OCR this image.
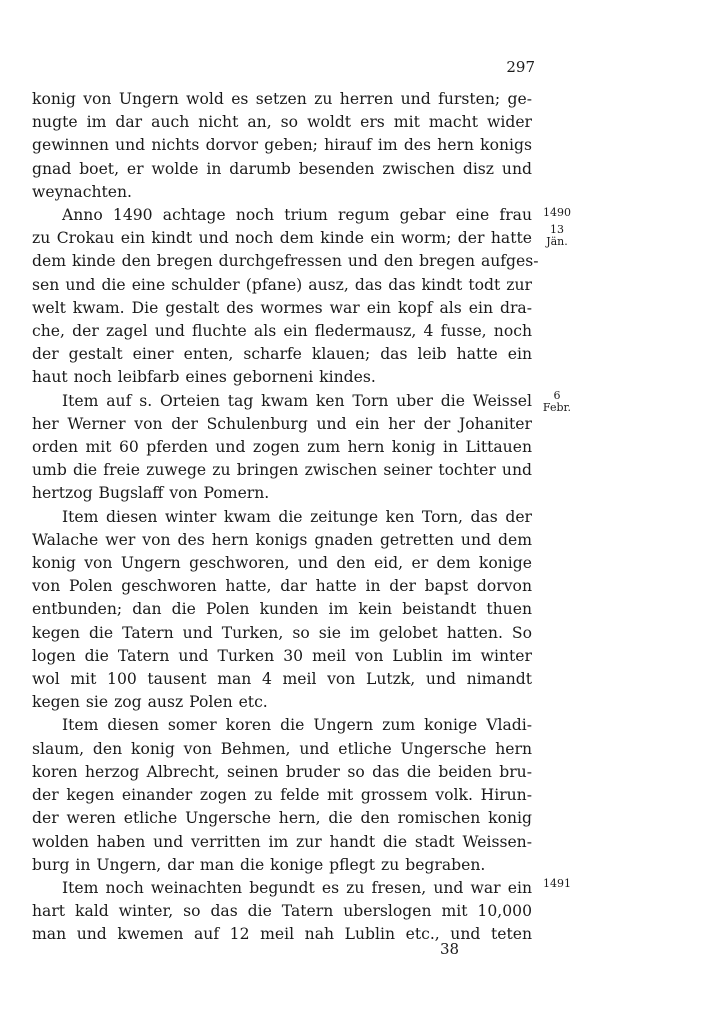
297
konig von Ungern wold es setzen zu herren und fursten; ge-
nugte im dar auch nicht an, so woldt ers mit macht wider
gewinnen und nichts dorvor geben; hirauf im des hern konigs
gnad boet, er wolde in darumb besenden zwischen disz und
weynachten.
Anno 1490 achtage noch trium regum gebar eine frau
zu Crokau ein kindt und noch dem kinde ein worm; der hatte
dem kinde den bregen durchgefressen und den bregen aufges-
sen und die eine schulder (pfane) ausz, das das kindt todt zur
welt kwam. Die gestalt des wormes war ein kopf als ein dra-
che, der zagel und fluchte als ein fledermausz, 4 fusse, noch
der gestalt einer enten, scharfe klauen; das leib hatte ein
haut noch leibfarb eines geborneni kindes.
Item auf s. Orteien tag kwam ken Torn uber die Weissel
her Werner von der Schulenburg und ein her der Johaniter
orden mit 60 pferden und zogen zum hern konig in Littauen
umb die freie zuwege zu bringen zwischen seiner tochter und
hertzog Bugslaff von Pomern.
Item diesen winter kwam die zeitunge ken Torn, das der
Walache wer von des hern konigs gnaden getretten und dem
konig von Ungern geschworen, und den eid, er dem konige
von Polen geschworen hatte, dar hatte in der bapst dorvon
entbunden; dan die Polen kunden im kein beistandt thuen
kegen die Tatern und Turken, so sie im gelobet hatten. So
logen die Tatern und Turken 30 meil von Lublin im winter
wol mit 100 tausent man 4 meil von Lutzk, und nimandt
kegen sie zog ausz Polen etc.
Item diesen somer koren die Ungern zum konige Vladi-
slaum, den konig von Behmen, und etliche Ungersche hern
koren herzog Albrecht, seinen bruder so das die beiden bru-
der kegen einander zogen zu felde mit grossem volk. Hirun-
der weren etliche Ungersche hern, die den romischen konig
wolden haben und verritten im zur handt die stadt Weissen-
burg in Ungern, dar man die konige pflegt zu begraben.
Item noch weinachten begundt es zu fresen, und war ein
hart kald winter, so das die Tatern uberslogen mit 10,000
man und kwemen auf 12 meil nah Lublin etc., und teten
1490
13
Jän.
6
Febr.
1491
38
